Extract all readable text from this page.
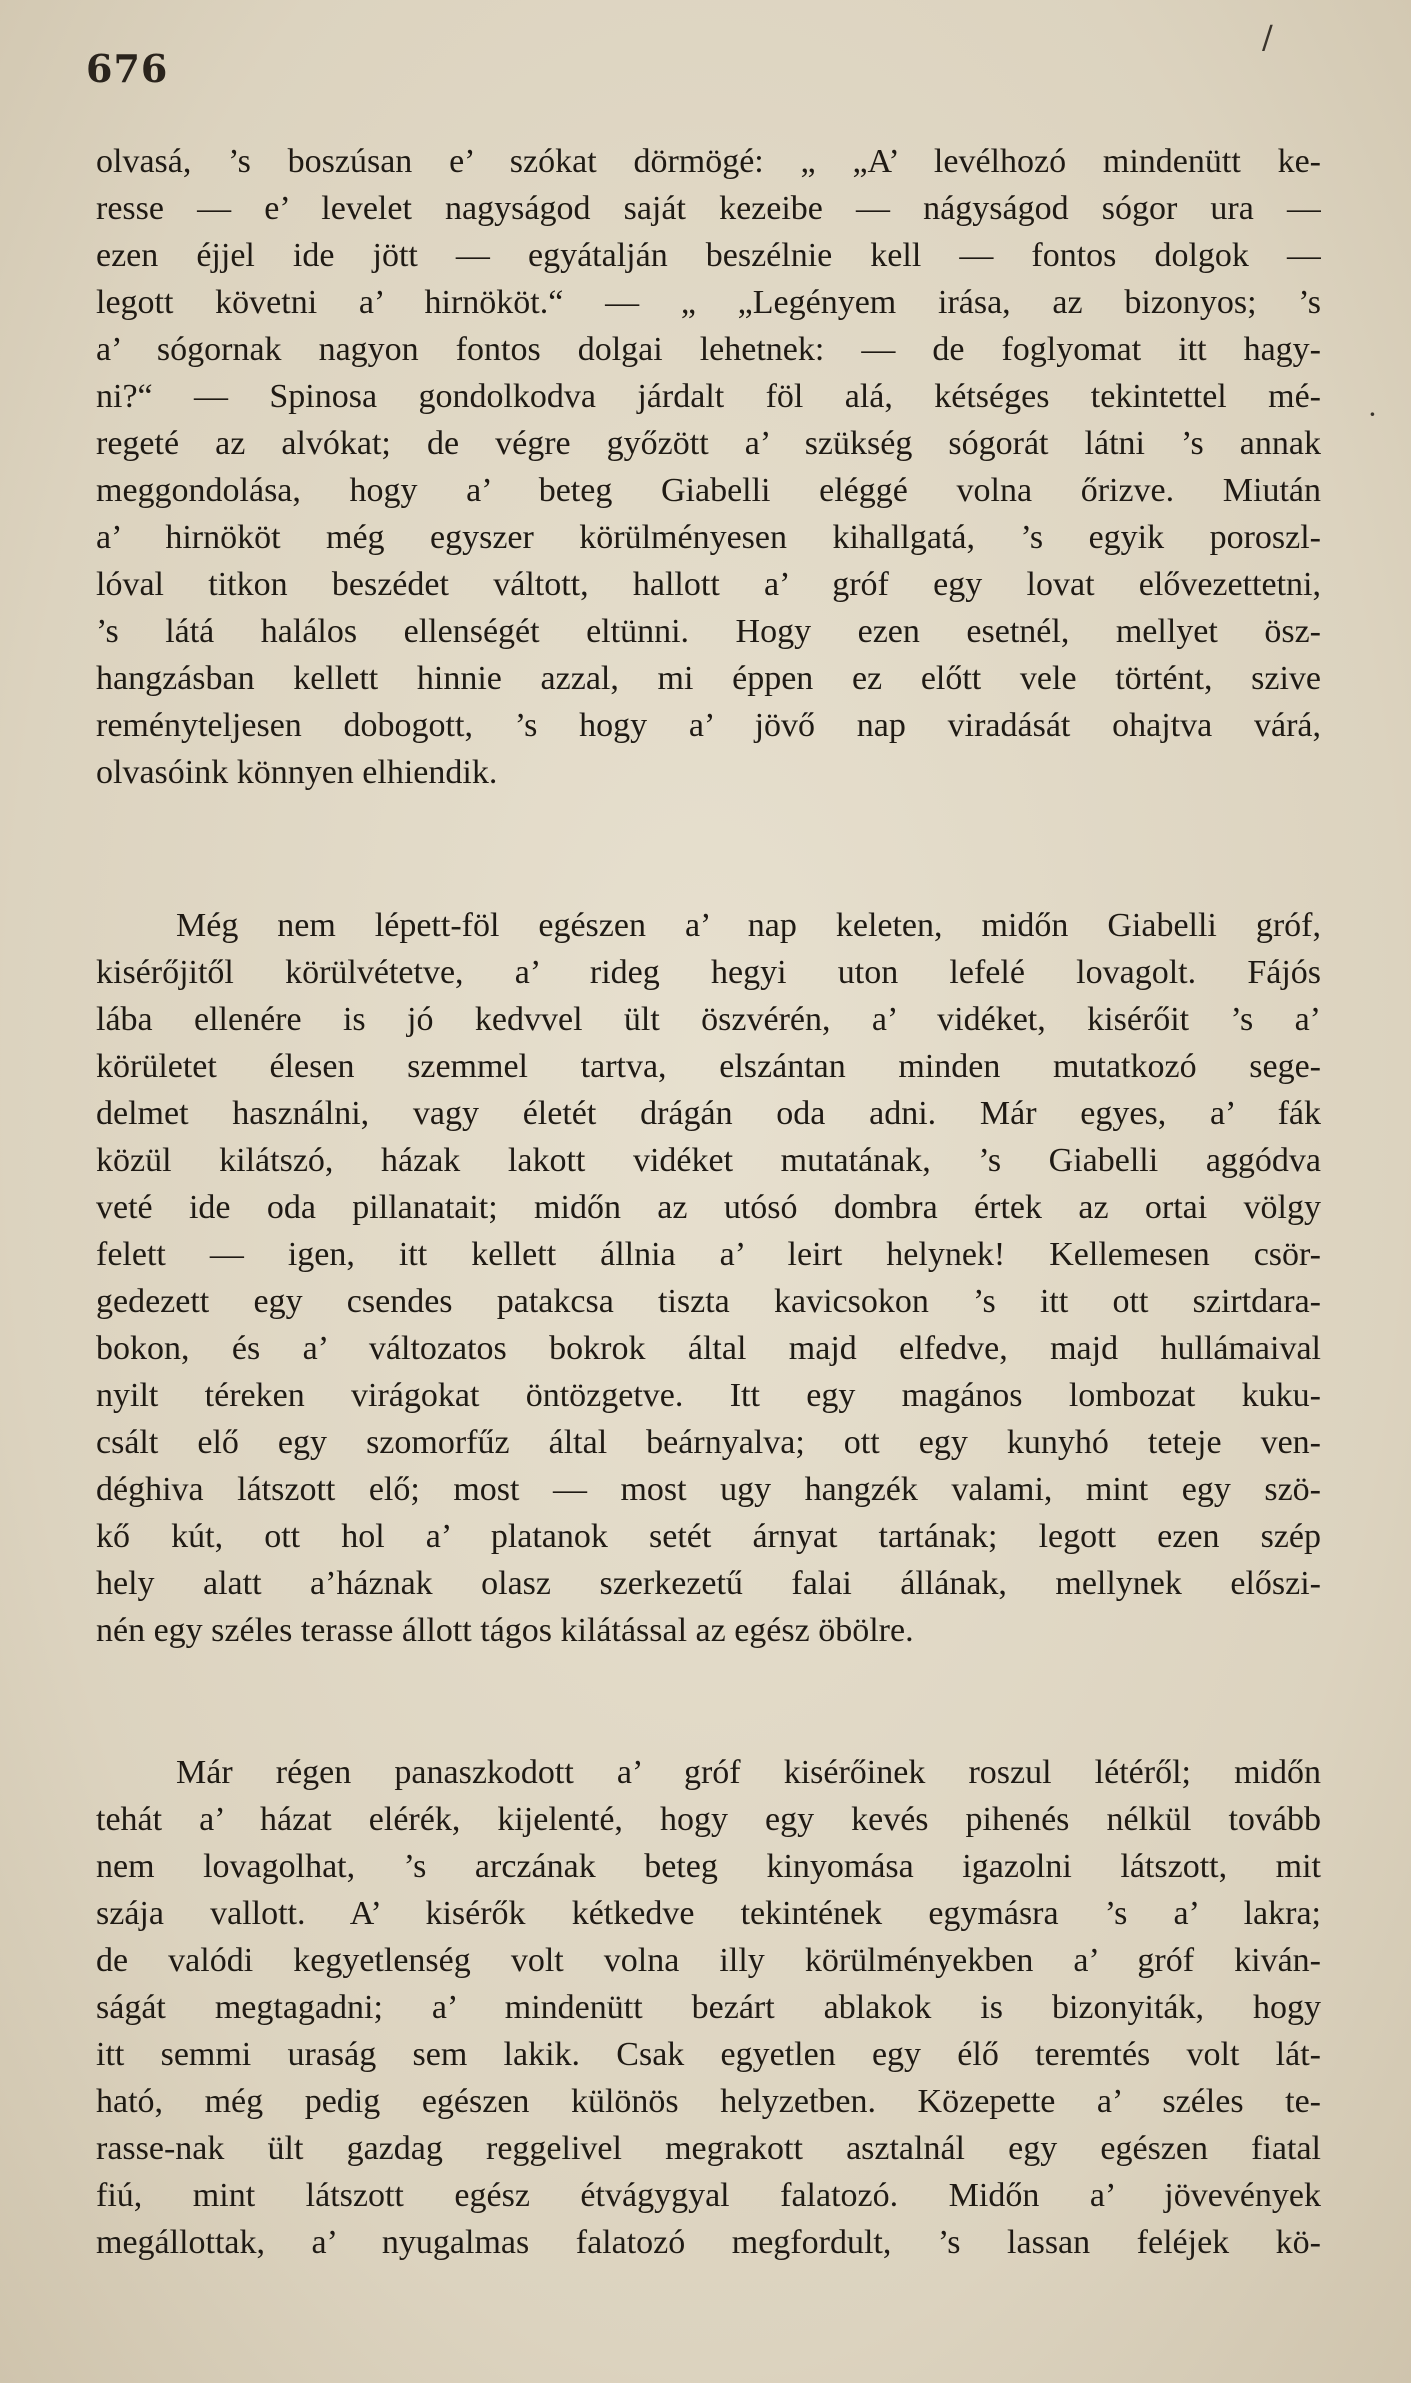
676
/
·
olvasá, ’s boszúsan e’ szókat dörmögé: „ „A’ levélhozó mindenütt ke-
resse — e’ levelet nagyságod saját kezeibe — nágyságod sógor ura —
ezen éjjel ide jött — egyátalján beszélnie kell — fontos dolgok —
legott követni a’ hirnököt.“ — „ „Legényem irása, az bizonyos; ’s
a’ sógornak nagyon fontos dolgai lehetnek: — de foglyomat itt hagy-
ni?“ — Spinosa gondolkodva járdalt föl alá, kétséges tekintettel mé-
regeté az alvókat; de végre győzött a’ szükség sógorát látni ’s annak
meggondolása, hogy a’ beteg Giabelli eléggé volna őrizve. Miután
a’ hirnököt még egyszer körülményesen kihallgatá, ’s egyik poroszl-
lóval titkon beszédet váltott, hallott a’ gróf egy lovat elővezettetni,
’s látá halálos ellenségét eltünni. Hogy ezen esetnél, mellyet ösz-
hangzásban kellett hinnie azzal, mi éppen ez előtt vele történt, szive
reményteljesen dobogott, ’s hogy a’ jövő nap viradását ohajtva várá,
olvasóink könnyen elhiendik.
Még nem lépett-föl egészen a’ nap keleten, midőn Giabelli gróf,
kisérőjitől körülvétetve, a’ rideg hegyi uton lefelé lovagolt. Fájós
lába ellenére is jó kedvvel ült öszvérén, a’ vidéket, kisérőit ’s a’
körületet élesen szemmel tartva, elszántan minden mutatkozó sege-
delmet használni, vagy életét drágán oda adni. Már egyes, a’ fák
közül kilátszó, házak lakott vidéket mutatának, ’s Giabelli aggódva
veté ide oda pillanatait; midőn az utósó dombra értek az ortai völgy
felett — igen, itt kellett állnia a’ leirt helynek! Kellemesen csör-
gedezett egy csendes patakcsa tiszta kavicsokon ’s itt ott szirtdara-
bokon, és a’ változatos bokrok által majd elfedve, majd hullámaival
nyilt téreken virágokat öntözgetve. Itt egy magános lombozat kuku-
csált elő egy szomorfűz által beárnyalva; ott egy kunyhó teteje ven-
déghiva látszott elő; most — most ugy hangzék valami, mint egy szö-
kő kút, ott hol a’ platanok setét árnyat tartának; legott ezen szép
hely alatt a’háznak olasz szerkezetű falai állának, mellynek előszi-
nén egy széles terasse állott tágos kilátással az egész öbölre.
Már régen panaszkodott a’ gróf kisérőinek roszul létéről; midőn
tehát a’ házat elérék, kijelenté, hogy egy kevés pihenés nélkül tovább
nem lovagolhat, ’s arczának beteg kinyomása igazolni látszott, mit
szája vallott. A’ kisérők kétkedve tekintének egymásra ’s a’ lakra;
de valódi kegyetlenség volt volna illy körülményekben a’ gróf kiván-
ságát megtagadni; a’ mindenütt bezárt ablakok is bizonyiták, hogy
itt semmi uraság sem lakik. Csak egyetlen egy élő teremtés volt lát-
ható, még pedig egészen különös helyzetben. Közepette a’ széles te-
rasse-nak ült gazdag reggelivel megrakott asztalnál egy egészen fiatal
fiú, mint látszott egész étvágygyal falatozó. Midőn a’ jövevények
megállottak, a’ nyugalmas falatozó megfordult, ’s lassan feléjek kö-
